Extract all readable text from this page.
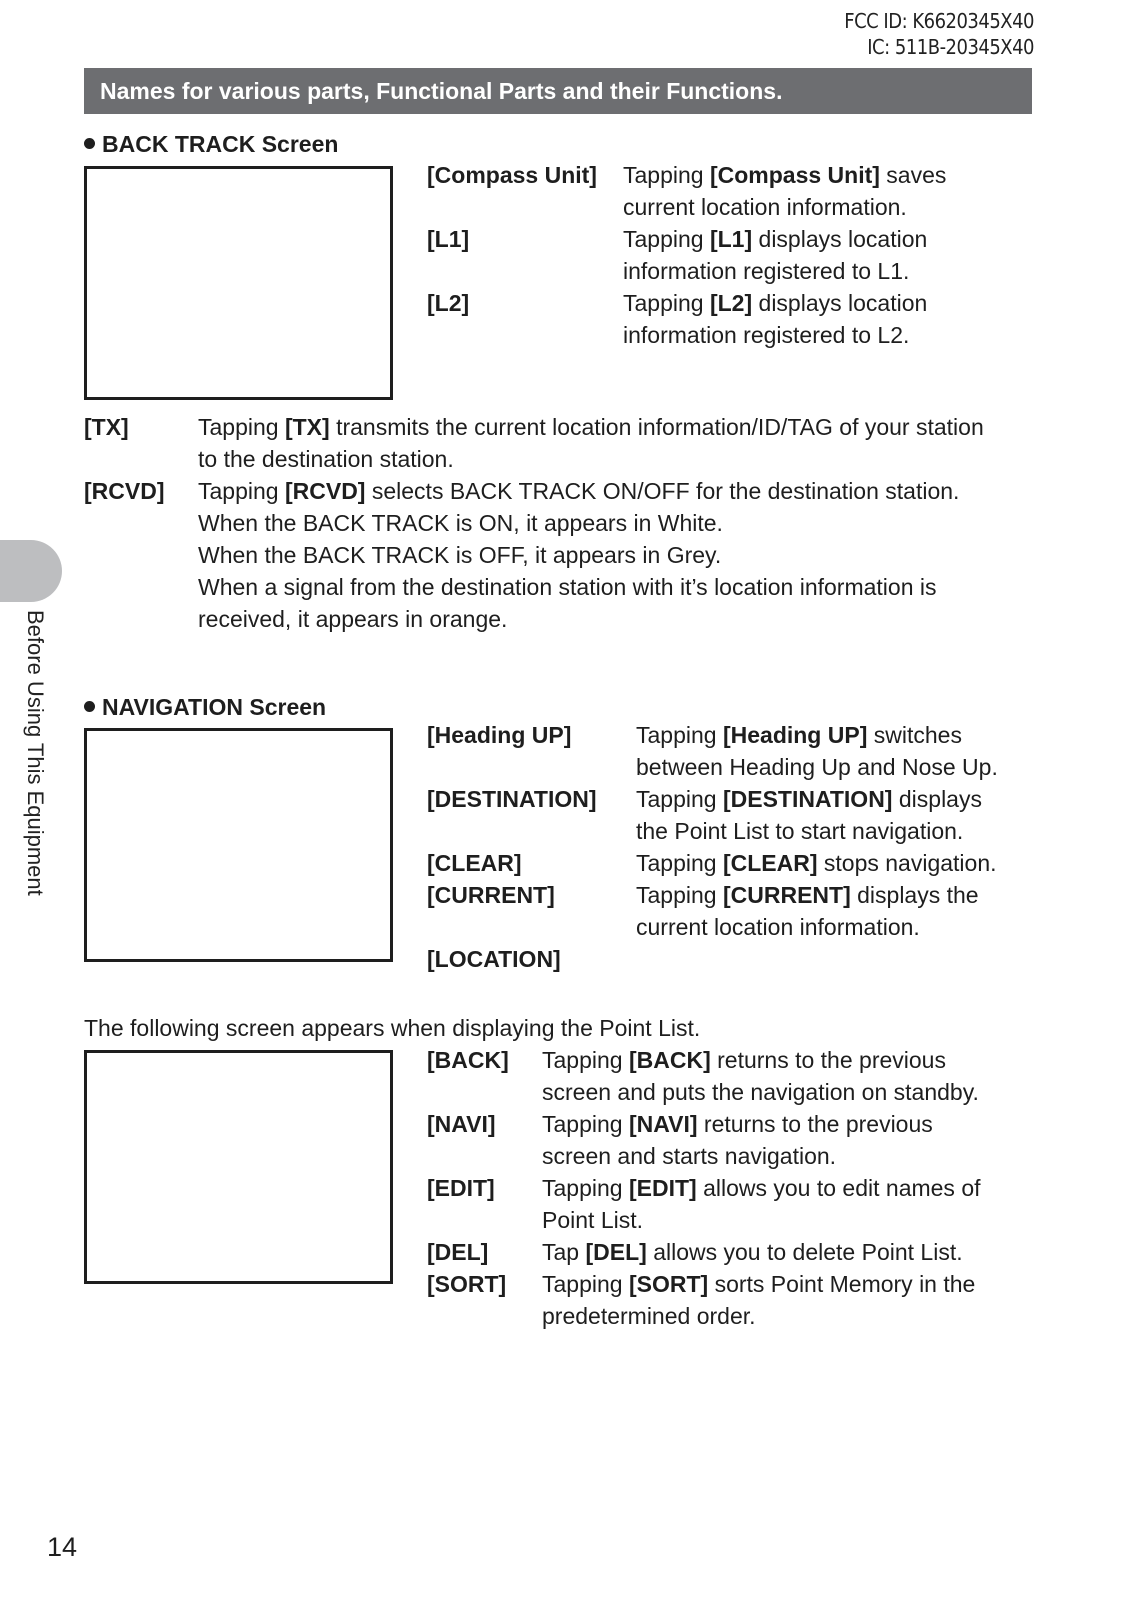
FCC ID: K6620345X40
IC: 511B-20345X40
Names for various parts, Functional Parts and their Functions.
Before Using This Equipment
BACK TRACK Screen
[Compass Unit] Tapping [Compass Unit] saves
current location information.
[L1]	Tapping [L1] displays location
information registered to L1.
[L2]	Tapping [L2] displays location
information registered to L2.
[TX]	Tapping [TX] transmits the current location information/ID/TAG of your station
to the destination station.
[RCVD] Tapping [RCVD] selects BACK TRACK ON/OFF for the destination station.
When the BACK TRACK is ON, it appears in White.
When the BACK TRACK is OFF, it appears in Grey.
When a signal from the destination station with it’s location information is
received, it appears in orange.
NAVIGATION Screen
[Heading UP]	Tapping [Heading UP] switches
between Heading Up and Nose Up.
[DESTINATION] Tapping [DESTINATION] displays
the Point List to start navigation.
[CLEAR]	Tapping [CLEAR] stops navigation.
[CURRENT]	Tapping [CURRENT] displays the
current location information.
[LOCATION]
The following screen appears when displaying the Point List.
[BACK] Tapping [BACK] returns to the previous
screen and puts the navigation on standby.
[NAVI] Tapping [NAVI] returns to the previous
screen and starts navigation.
[EDIT] Tapping [EDIT] allows you to edit names of
Point List.
[DEL] Tap [DEL] allows you to delete Point List.
[SORT] Tapping [SORT] sorts Point Memory in the
predetermined order.
14
